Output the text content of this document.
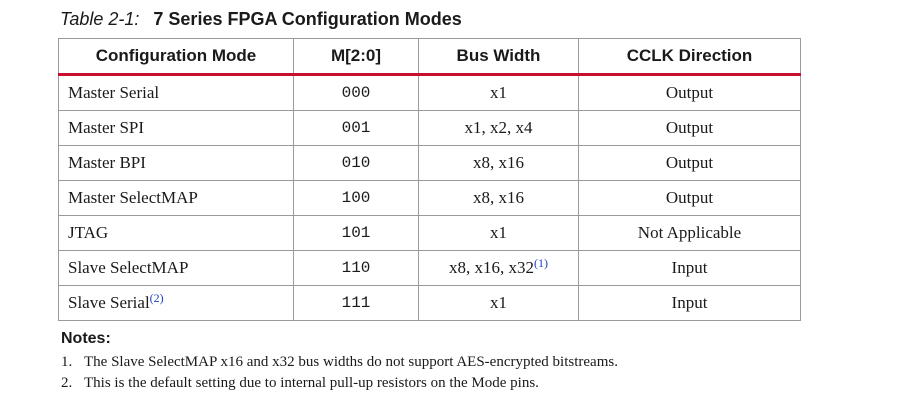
Table 2-1: 7 Series FPGA Configuration Modes
Configuration Mode	M[2:0]	Bus Width	CCLK Direction
Master Serial	000	x1	Output
Master SPI	001	x1, x2, x4	Output
Master BPI	010	x8, x16	Output
Master SelectMAP	100	x8, x16	Output
JTAG	101	x1	Not Applicable
Slave SelectMAP	110	x8, x16, x32$^{(1)}$	Input
Slave Serial$^{(2)}$	111	x1	Input
Notes:
1. The Slave SelectMAP x16 and x32 bus widths do not support AES-encrypted bitstreams.
2. This is the default setting due to internal pull-up resistors on the Mode pins.
